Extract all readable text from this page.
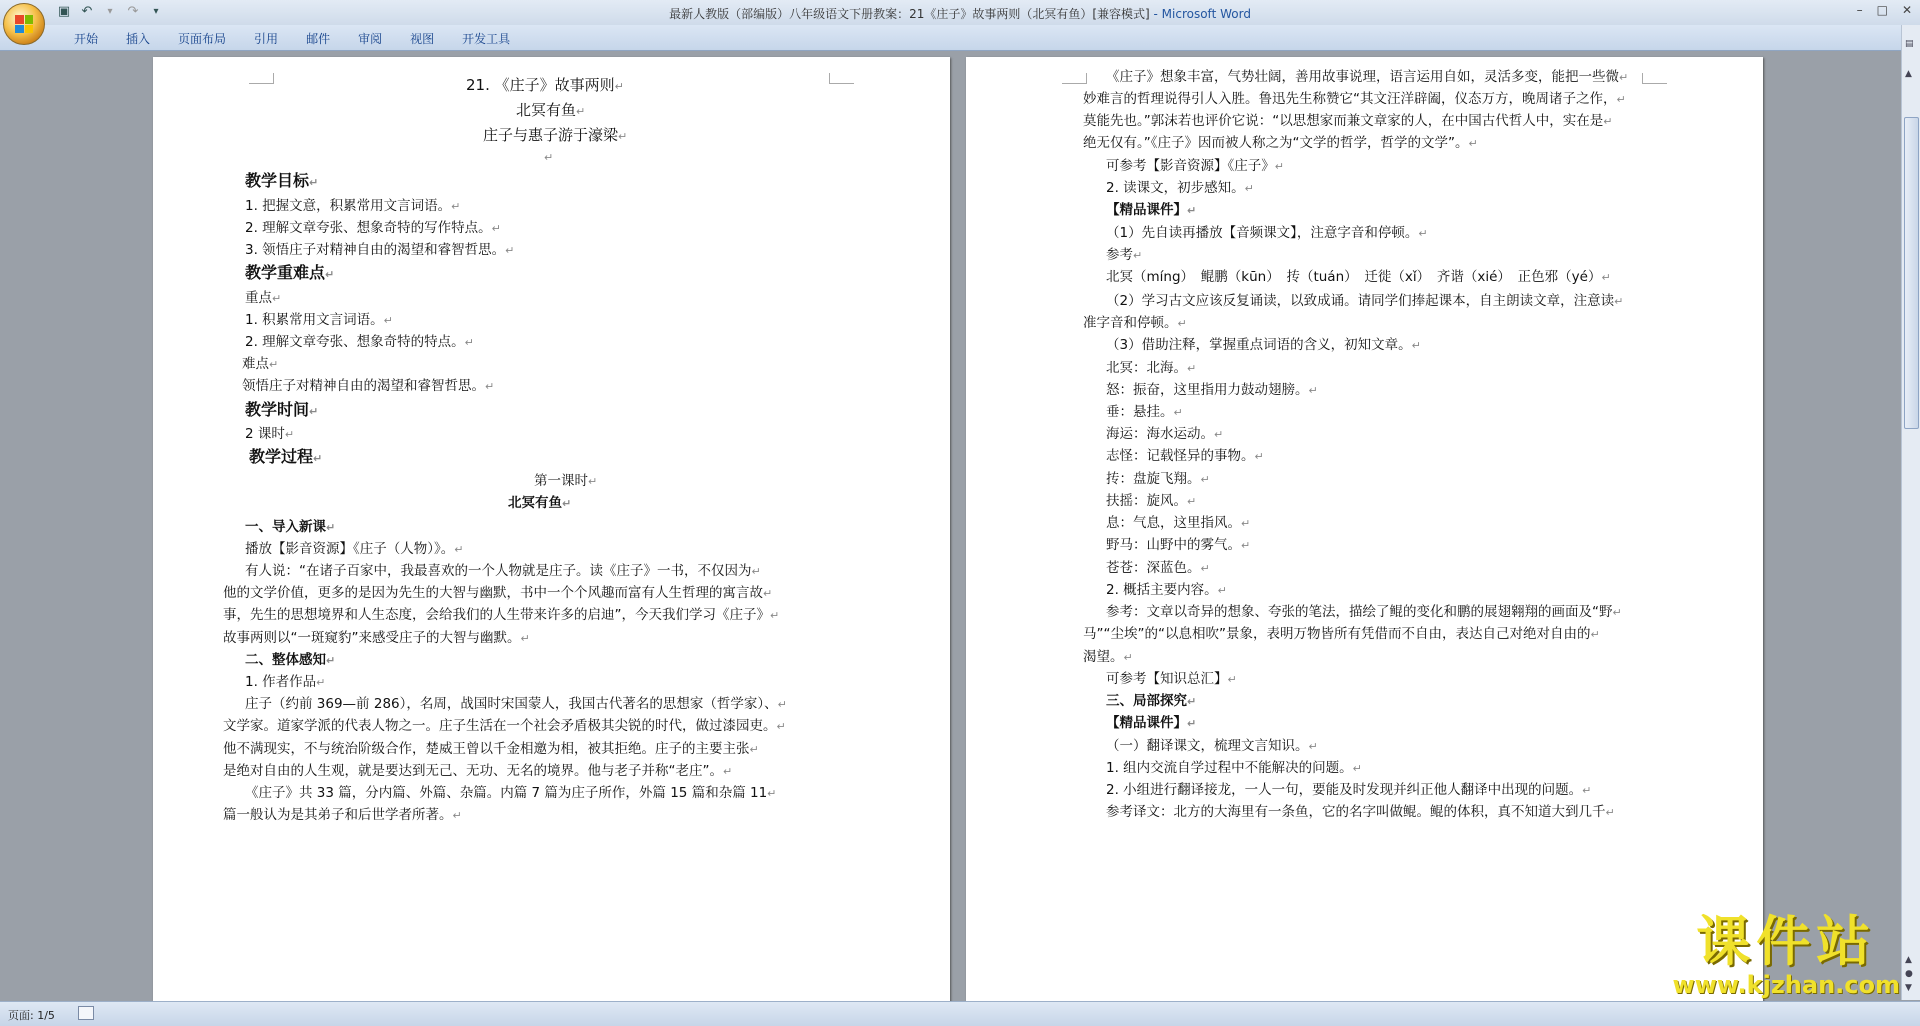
▣ ↶	▾	↷	▾	最新人教版（部编版）八年级语文下册教案：21《庄子》故事两则（北冥有鱼）[兼容模式] - Microsoft Word	– □ ✕
开始	插入	页面布局	引用	邮件	审阅	视图	开发工具
21. 《庄子》故事两则↵
北冥有鱼↵
庄子与惠子游于濠梁↵
↵
教学目标↵
1. 把握文意，积累常用文言词语。↵
2. 理解文章夸张、想象奇特的写作特点。↵
3. 领悟庄子对精神自由的渴望和睿智哲思。↵
教学重难点↵
重点↵
1. 积累常用文言词语。↵
2. 理解文章夸张、想象奇特的特点。↵
难点↵
领悟庄子对精神自由的渴望和睿智哲思。↵
教学时间↵
2 课时↵
教学过程↵
第一课时↵
北冥有鱼↵
一、导入新课↵
播放【影音资源】《庄子（人物）》。↵
有人说：“在诸子百家中，我最喜欢的一个人物就是庄子。读《庄子》一书，不仅因为↵
他的文学价值，更多的是因为先生的大智与幽默，书中一个个风趣而富有人生哲理的寓言故↵
事，先生的思想境界和人生态度，会给我们的人生带来许多的启迪”，今天我们学习《庄子》↵
故事两则以“一斑窥豹”来感受庄子的大智与幽默。↵
二、整体感知↵
1. 作者作品↵
庄子（约前 369—前 286），名周，战国时宋国蒙人，我国古代著名的思想家（哲学家）、↵
文学家。道家学派的代表人物之一。庄子生活在一个社会矛盾极其尖锐的时代，做过漆园吏。↵
他不满现实，不与统治阶级合作，楚威王曾以千金相邀为相，被其拒绝。庄子的主要主张↵
是绝对自由的人生观，就是要达到无己、无功、无名的境界。他与老子并称“老庄”。↵
《庄子》共 33 篇，分内篇、外篇、杂篇。内篇 7 篇为庄子所作，外篇 15 篇和杂篇 11↵
篇一般认为是其弟子和后世学者所著。↵
《庄子》想象丰富，气势壮阔，善用故事说理，语言运用自如，灵活多变，能把一些微↵
妙难言的哲理说得引人入胜。鲁迅先生称赞它“其文汪洋辟阖，仪态万方，晚周诸子之作，↵
莫能先也。”郭沫若也评价它说：“以思想家而兼文章家的人，在中国古代哲人中，实在是↵
绝无仅有。”《庄子》因而被人称之为“文学的哲学，哲学的文学”。↵
可参考【影音资源】《庄子》↵
2. 读课文，初步感知。↵
【精品课件】↵
（1）先自读再播放【音频课文】，注意字音和停顿。↵
参考↵
北冥（míng）　鲲鹏（kūn）　抟（tuán）　迁徙（xǐ）　齐谐（xié）　正色邪（yé）↵
（2）学习古文应该反复诵读，以致成诵。请同学们捧起课本，自主朗读文章，注意读↵
准字音和停顿。↵
（3）借助注释，掌握重点词语的含义，初知文章。↵
北冥：北海。↵
怒：振奋，这里指用力鼓动翅膀。↵
垂：悬挂。↵
海运：海水运动。↵
志怪：记载怪异的事物。↵
抟：盘旋飞翔。↵
扶摇：旋风。↵
息：气息，这里指风。↵
野马：山野中的雾气。↵
苍苍：深蓝色。↵
2. 概括主要内容。↵
参考：文章以奇异的想象、夸张的笔法，描绘了鲲的变化和鹏的展翅翱翔的画面及“野↵
马”“尘埃”的“以息相吹”景象，表明万物皆所有凭借而不自由，表达自己对绝对自由的↵
渴望。↵
可参考【知识总汇】↵
三、局部探究↵
【精品课件】↵
（一）翻译课文，梳理文言知识。↵
1. 组内交流自学过程中不能解决的问题。↵
2. 小组进行翻译接龙，一人一句，要能及时发现并纠正他人翻译中出现的问题。↵
参考译文：北方的大海里有一条鱼，它的名字叫做鲲。鲲的体积，真不知道大到几千↵
▤
▲
▲
●
▼
页面: 1/5
课件站
www.kjzhan.com
